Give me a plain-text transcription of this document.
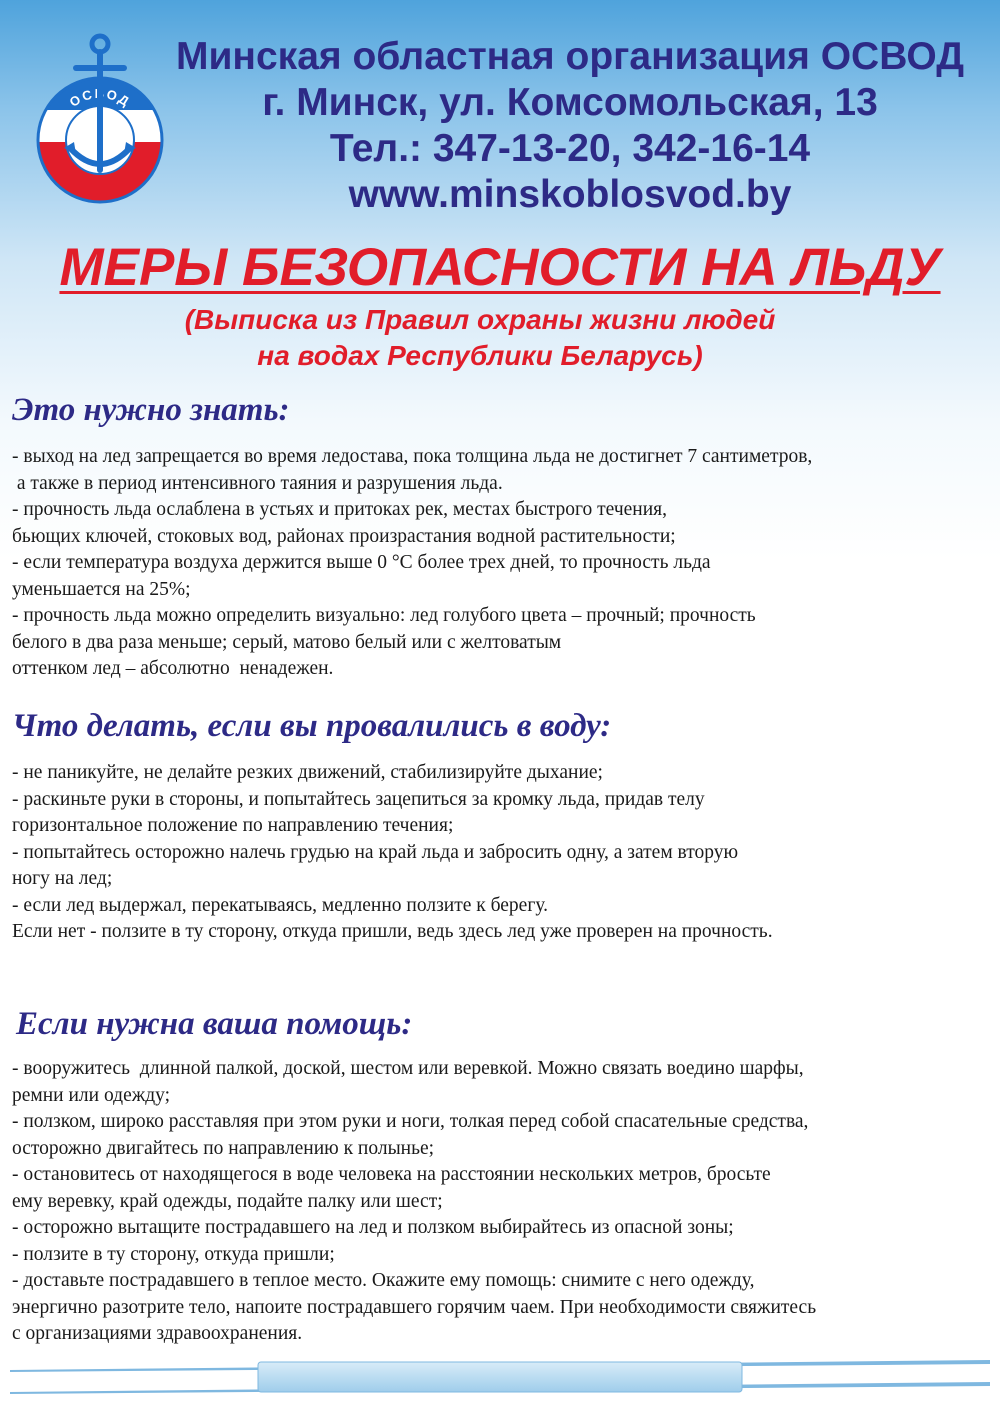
ОСВОД
Минская областная организация ОСВОД
г. Минск, ул. Комсомольская, 13
Тел.: 347-13-20, 342-16-14
www.minskoblosvod.by
МЕРЫ БЕЗОПАСНОСТИ НА ЛЬДУ
(Выписка из Правил охраны жизни людей
на водах Республики Беларусь)
Это нужно знать:
- выход на лед запрещается во время ледостава, пока толщина льда не достигнет 7 сантиметров,
а также в период интенсивного таяния и разрушения льда.
- прочность льда ослаблена в устьях и притоках рек, местах быстрого течения,
бьющих ключей, стоковых вод, районах произрастания водной растительности;
- если температура воздуха держится выше 0 °С более трех дней, то прочность льда
уменьшается на 25%;
- прочность льда можно определить визуально: лед голубого цвета – прочный; прочность
белого в два раза меньше; серый, матово белый или с желтоватым
оттенком лед – абсолютно  ненадежен.
Что делать, если вы провалились в воду:
- не паникуйте, не делайте резких движений, стабилизируйте дыхание;
- раскиньте руки в стороны, и попытайтесь зацепиться за кромку льда, придав телу
горизонтальное положение по направлению течения;
- попытайтесь осторожно налечь грудью на край льда и забросить одну, а затем вторую
ногу на лед;
- если лед выдержал, перекатываясь, медленно ползите к берегу.
Если нет - ползите в ту сторону, откуда пришли, ведь здесь лед уже проверен на прочность.
Если нужна ваша помощь:
- вооружитесь  длинной палкой, доской, шестом или веревкой. Можно связать воедино шарфы,
ремни или одежду;
- ползком, широко расставляя при этом руки и ноги, толкая перед собой спасательные средства,
осторожно двигайтесь по направлению к полынье;
- остановитесь от находящегося в воде человека на расстоянии нескольких метров, бросьте
ему веревку, край одежды, подайте палку или шест;
- осторожно вытащите пострадавшего на лед и ползком выбирайтесь из опасной зоны;
- ползите в ту сторону, откуда пришли;
- доставьте пострадавшего в теплое место. Окажите ему помощь: снимите с него одежду,
энергично разотрите тело, напоите пострадавшего горячим чаем. При необходимости свяжитесь
с организациями здравоохранения.
